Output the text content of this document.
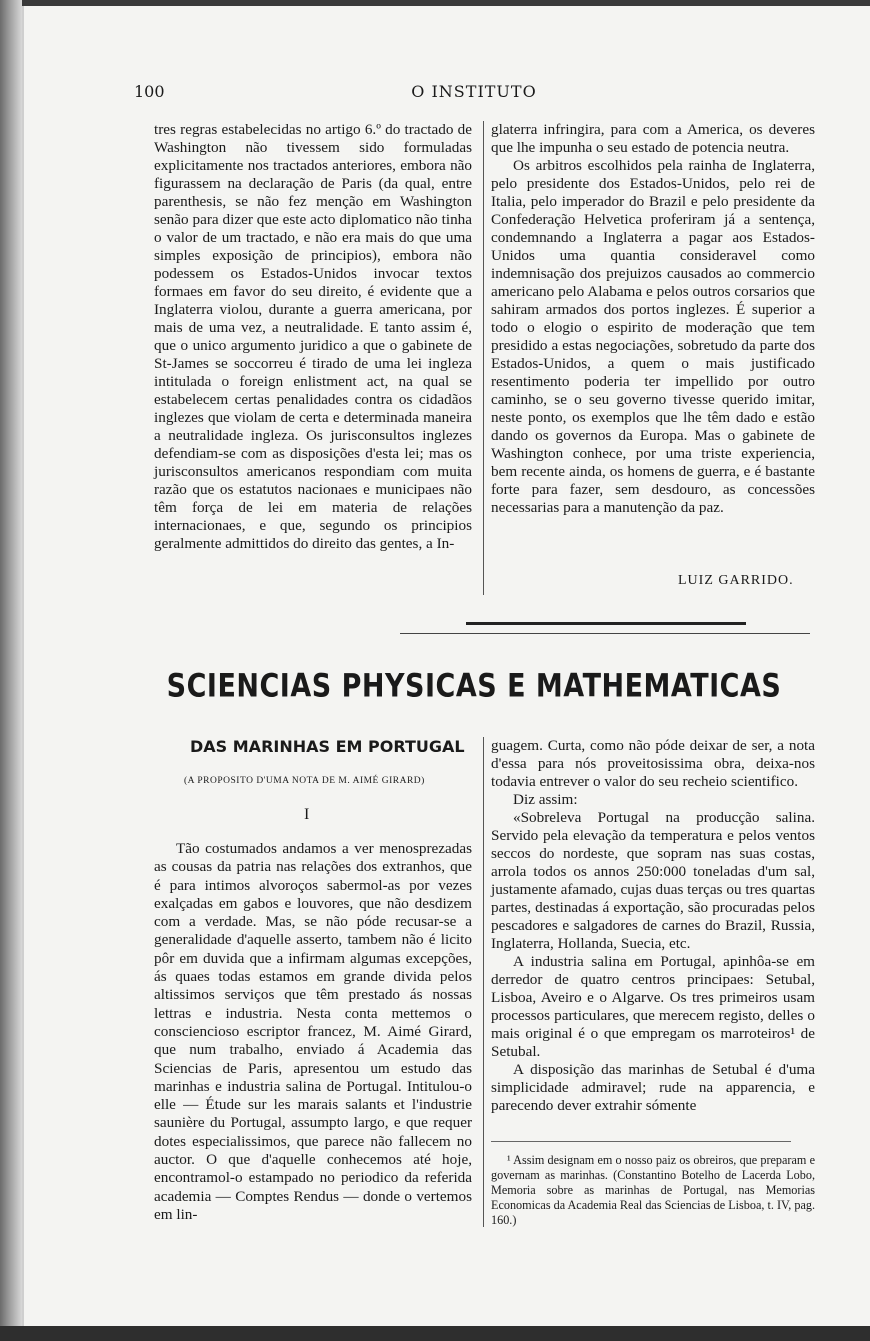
100	O INSTITUTO

tres regras estabelecidas no artigo 6.º do tractado de Washington não tivessem sido formuladas explicitamente nos tractados anteriores, embora não figurassem na declaração de Paris (da qual, entre parenthesis, se não fez menção em Washington senão para dizer que este acto diplomatico não tinha o valor de um tractado, e não era mais do que uma simples exposição de principios), embora não podessem os Estados-Unidos invocar textos formaes em favor do seu direito, é evidente que a Inglaterra violou, durante a guerra americana, por mais de uma vez, a neutralidade. E tanto assim é, que o unico argumento juridico a que o gabinete de St-James se soccorreu é tirado de uma lei ingleza intitulada o foreign enlistment act, na qual se estabelecem certas penalidades contra os cidadãos inglezes que violam de certa e determinada maneira a neutralidade ingleza. Os jurisconsultos inglezes defendiam-se com as disposições d'esta lei; mas os jurisconsultos americanos respondiam com muita razão que os estatutos nacionaes e municipaes não têm força de lei em materia de relações internacionaes, e que, segundo os principios geralmente admittidos do direito das gentes, a In-

glaterra infringira, para com a America, os deveres que lhe impunha o seu estado de potencia neutra.

Os arbitros escolhidos pela rainha de Inglaterra, pelo presidente dos Estados-Unidos, pelo rei de Italia, pelo imperador do Brazil e pelo presidente da Confederação Helvetica proferiram já a sentença, condemnando a Inglaterra a pagar aos Estados-Unidos uma quantia consideravel como indemnisação dos prejuizos causados ao commercio americano pelo Alabama e pelos outros corsarios que sahiram armados dos portos inglezes. É superior a todo o elogio o espirito de moderação que tem presidido a estas negociações, sobretudo da parte dos Estados-Unidos, a quem o mais justificado resentimento poderia ter impellido por outro caminho, se o seu governo tivesse querido imitar, neste ponto, os exemplos que lhe têm dado e estão dando os governos da Europa. Mas o gabinete de Washington conhece, por uma triste experiencia, bem recente ainda, os homens de guerra, e é bastante forte para fazer, sem desdouro, as concessões necessarias para a manutenção da paz.

LUIZ GARRIDO.
SCIENCIAS PHYSICAS E MATHEMATICAS
DAS MARINHAS EM PORTUGAL
(A PROPOSITO D'UMA NOTA DE M. AIMÉ GIRARD)
I

Tão costumados andamos a ver menosprezadas as cousas da patria nas relações dos extranhos, que é para intimos alvoroços sabermol-as por vezes exalçadas em gabos e louvores, que não desdizem com a verdade. Mas, se não póde recusar-se a generalidade d'aquelle asserto, tambem não é licito pôr em duvida que a infirmam algumas excepções, ás quaes todas estamos em grande divida pelos altissimos serviços que têm prestado ás nossas lettras e industria. Nesta conta mettemos o consciencioso escriptor francez, M. Aimé Girard, que num trabalho, enviado á Academia das Sciencias de Paris, apresentou um estudo das marinhas e industria salina de Portugal. Intitulou-o elle — Étude sur les marais salants et l'industrie saunière du Portugal, assumpto largo, e que requer dotes especialissimos, que parece não fallecem no auctor. O que d'aquelle conhecemos até hoje, encontramol-o estampado no periodico da referida academia — Comptes Rendus — donde o vertemos em lin-

guagem. Curta, como não póde deixar de ser, a nota d'essa para nós proveitosissima obra, deixa-nos todavia entrever o valor do seu recheio scientifico.

Diz assim:

«Sobreleva Portugal na producção salina. Servido pela elevação da temperatura e pelos ventos seccos do nordeste, que sopram nas suas costas, arrola todos os annos 250:000 toneladas d'um sal, justamente afamado, cujas duas terças ou tres quartas partes, destinadas á exportação, são procuradas pelos pescadores e salgadores de carnes do Brazil, Russia, Inglaterra, Hollanda, Suecia, etc.

A industria salina em Portugal, apinhôa-se em derredor de quatro centros principaes: Setubal, Lisboa, Aveiro e o Algarve. Os tres primeiros usam processos particulares, que merecem registo, delles o mais original é o que empregam os marroteiros¹ de Setubal.

A disposição das marinhas de Setubal é d'uma simplicidade admiravel; rude na apparencia, e parecendo dever extrahir sómente

¹ Assim designam em o nosso paiz os obreiros, que preparam e governam as marinhas. (Constantino Botelho de Lacerda Lobo, Memoria sobre as marinhas de Portugal, nas Memorias Economicas da Academia Real das Sciencias de Lisboa, t. IV, pag. 160.)
